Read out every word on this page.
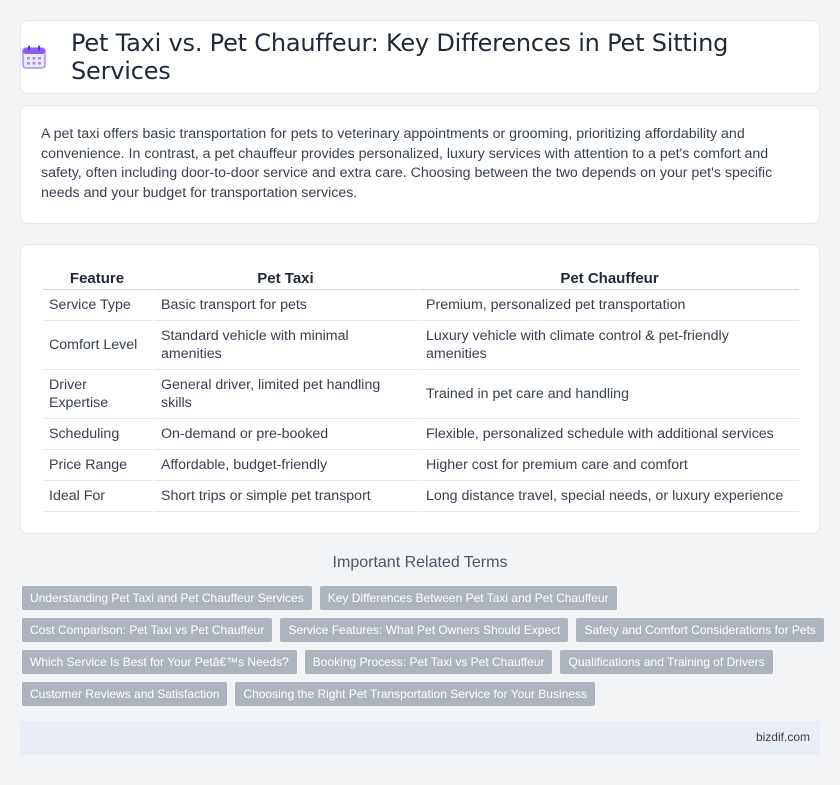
Pet Taxi vs. Pet Chauffeur: Key Differences in Pet Sitting Services

A pet taxi offers basic transportation for pets to veterinary appointments or grooming, prioritizing affordability and convenience. In contrast, a pet chauffeur provides personalized, luxury services with attention to a pet's comfort and safety, often including door-to-door service and extra care. Choosing between the two depends on your pet's specific needs and your budget for transportation services.

Feature	Pet Taxi	Pet Chauffeur
Service Type	Basic transport for pets	Premium, personalized pet transportation
Comfort Level	Standard vehicle with minimal amenities	Luxury vehicle with climate control & pet-friendly amenities
Driver Expertise	General driver, limited pet handling skills	Trained in pet care and handling
Scheduling	On-demand or pre-booked	Flexible, personalized schedule with additional services
Price Range	Affordable, budget-friendly	Higher cost for premium care and comfort
Ideal For	Short trips or simple pet transport	Long distance travel, special needs, or luxury experience
Important Related Terms
Understanding Pet Taxi and Pet Chauffeur Services	Key Differences Between Pet Taxi and Pet Chauffeur
Cost Comparison: Pet Taxi vs Pet Chauffeur	Service Features: What Pet Owners Should Expect	Safety and Comfort Considerations for Pets
Which Service Is Best for Your Petâ€™s Needs?	Booking Process: Pet Taxi vs Pet Chauffeur	Qualifications and Training of Drivers
Customer Reviews and Satisfaction	Choosing the Right Pet Transportation Service for Your Business
bizdif.com
